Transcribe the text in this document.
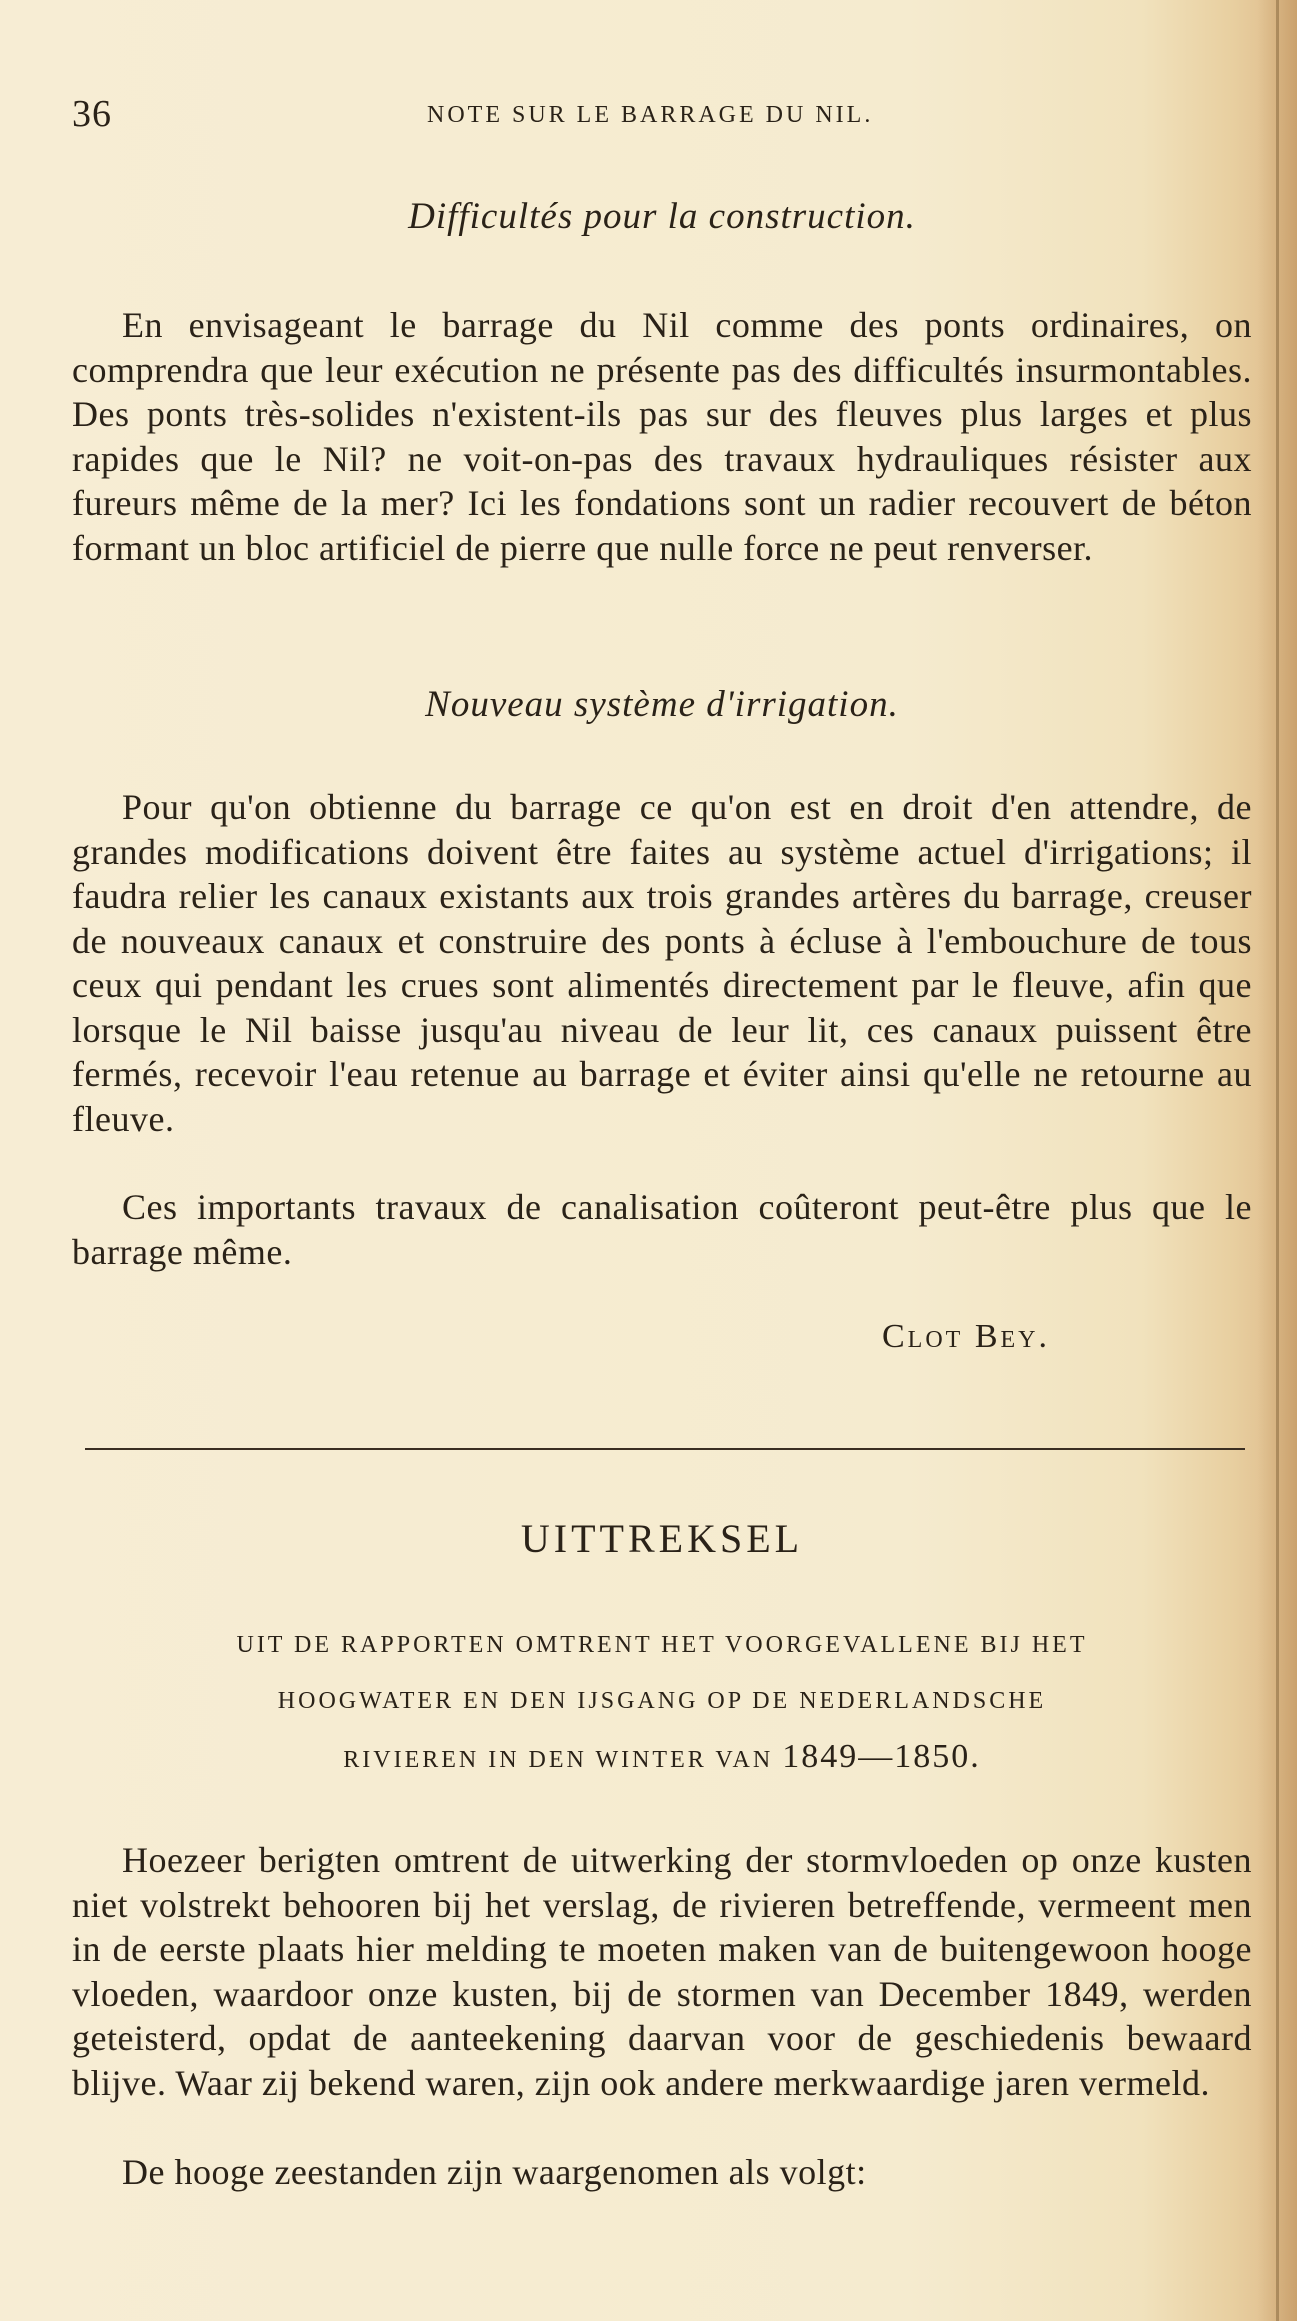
36	NOTE SUR LE BARRAGE DU NIL.
Difficultés pour la construction.
En envisageant le barrage du Nil comme des ponts ordinaires, on comprendra que leur exécution ne présente pas des difficultés insurmontables. Des ponts très-solides n'existent-ils pas sur des fleuves plus larges et plus rapides que le Nil? ne voit-on-pas des travaux hydrauliques résister aux fureurs même de la mer? Ici les fondations sont un radier recouvert de béton formant un bloc artificiel de pierre que nulle force ne peut renverser.
Nouveau système d'irrigation.
Pour qu'on obtienne du barrage ce qu'on est en droit d'en attendre, de grandes modifications doivent être faites au système actuel d'irrigations; il faudra relier les canaux existants aux trois grandes artères du barrage, creuser de nouveaux canaux et construire des ponts à écluse à l'embouchure de tous ceux qui pendant les crues sont alimentés directement par le fleuve, afin que lorsque le Nil baisse jusqu'au niveau de leur lit, ces canaux puissent être fermés, recevoir l'eau retenue au barrage et éviter ainsi qu'elle ne retourne au fleuve.
Ces importants travaux de canalisation coûteront peut-être plus que le barrage même.
Clot Bey.
UITTREKSEL
UIT DE RAPPORTEN OMTRENT HET VOORGEVALLENE BIJ HET
HOOGWATER EN DEN IJSGANG OP DE NEDERLANDSCHE
RIVIEREN IN DEN WINTER VAN 1849—1850.
Hoezeer berigten omtrent de uitwerking der stormvloeden op onze kusten niet volstrekt behooren bij het verslag, de rivieren betreffende, vermeent men in de eerste plaats hier melding te moeten maken van de buitengewoon hooge vloeden, waardoor onze kusten, bij de stormen van December 1849, werden geteisterd, opdat de aanteekening daarvan voor de geschiedenis bewaard blijve. Waar zij bekend waren, zijn ook andere merkwaardige jaren vermeld.
De hooge zeestanden zijn waargenomen als volgt:
